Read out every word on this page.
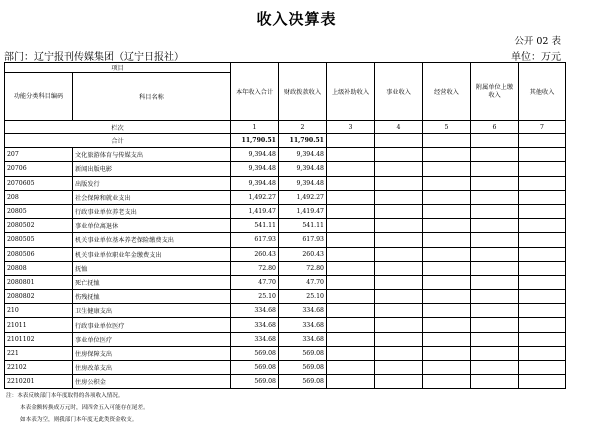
收入决算表
公开 02 表
部门：辽宁报刊传媒集团（辽宁日报社）	单位：万元
项目		本年收入合计	财政拨款收入	上级补助收入	事业收入	经营收入	附属单位上缴收入	其他收入
功能分类科目编码	科目名称							
栏次		1	2	3	4	5	6	7
合计		11,790.51	11,790.51					
207	文化旅游体育与传媒支出	9,394.48	9,394.48					
20706	新闻出版电影	9,394.48	9,394.48					
2070605	出版发行	9,394.48	9,394.48					
208	社会保障和就业支出	1,492.27	1,492.27					
20805	行政事业单位养老支出	1,419.47	1,419.47					
2080502	事业单位离退休	541.11	541.11					
2080505	机关事业单位基本养老保险缴费支出	617.93	617.93					
2080506	机关事业单位职业年金缴费支出	260.43	260.43					
20808	抚恤	72.80	72.80					
2080801	死亡抚恤	47.70	47.70					
2080802	伤残抚恤	25.10	25.10					
210	卫生健康支出	334.68	334.68					
21011	行政事业单位医疗	334.68	334.68					
2101102	事业单位医疗	334.68	334.68					
221	住房保障支出	569.08	569.08					
22102	住房改革支出	569.08	569.08					
2210201	住房公积金	569.08	569.08					
注：本表反映部门本年度取得的各项收入情况。
本表金额转换成万元时，因四舍五入可能存在尾差。
如本表为空，则我部门本年度无此类资金收支。
